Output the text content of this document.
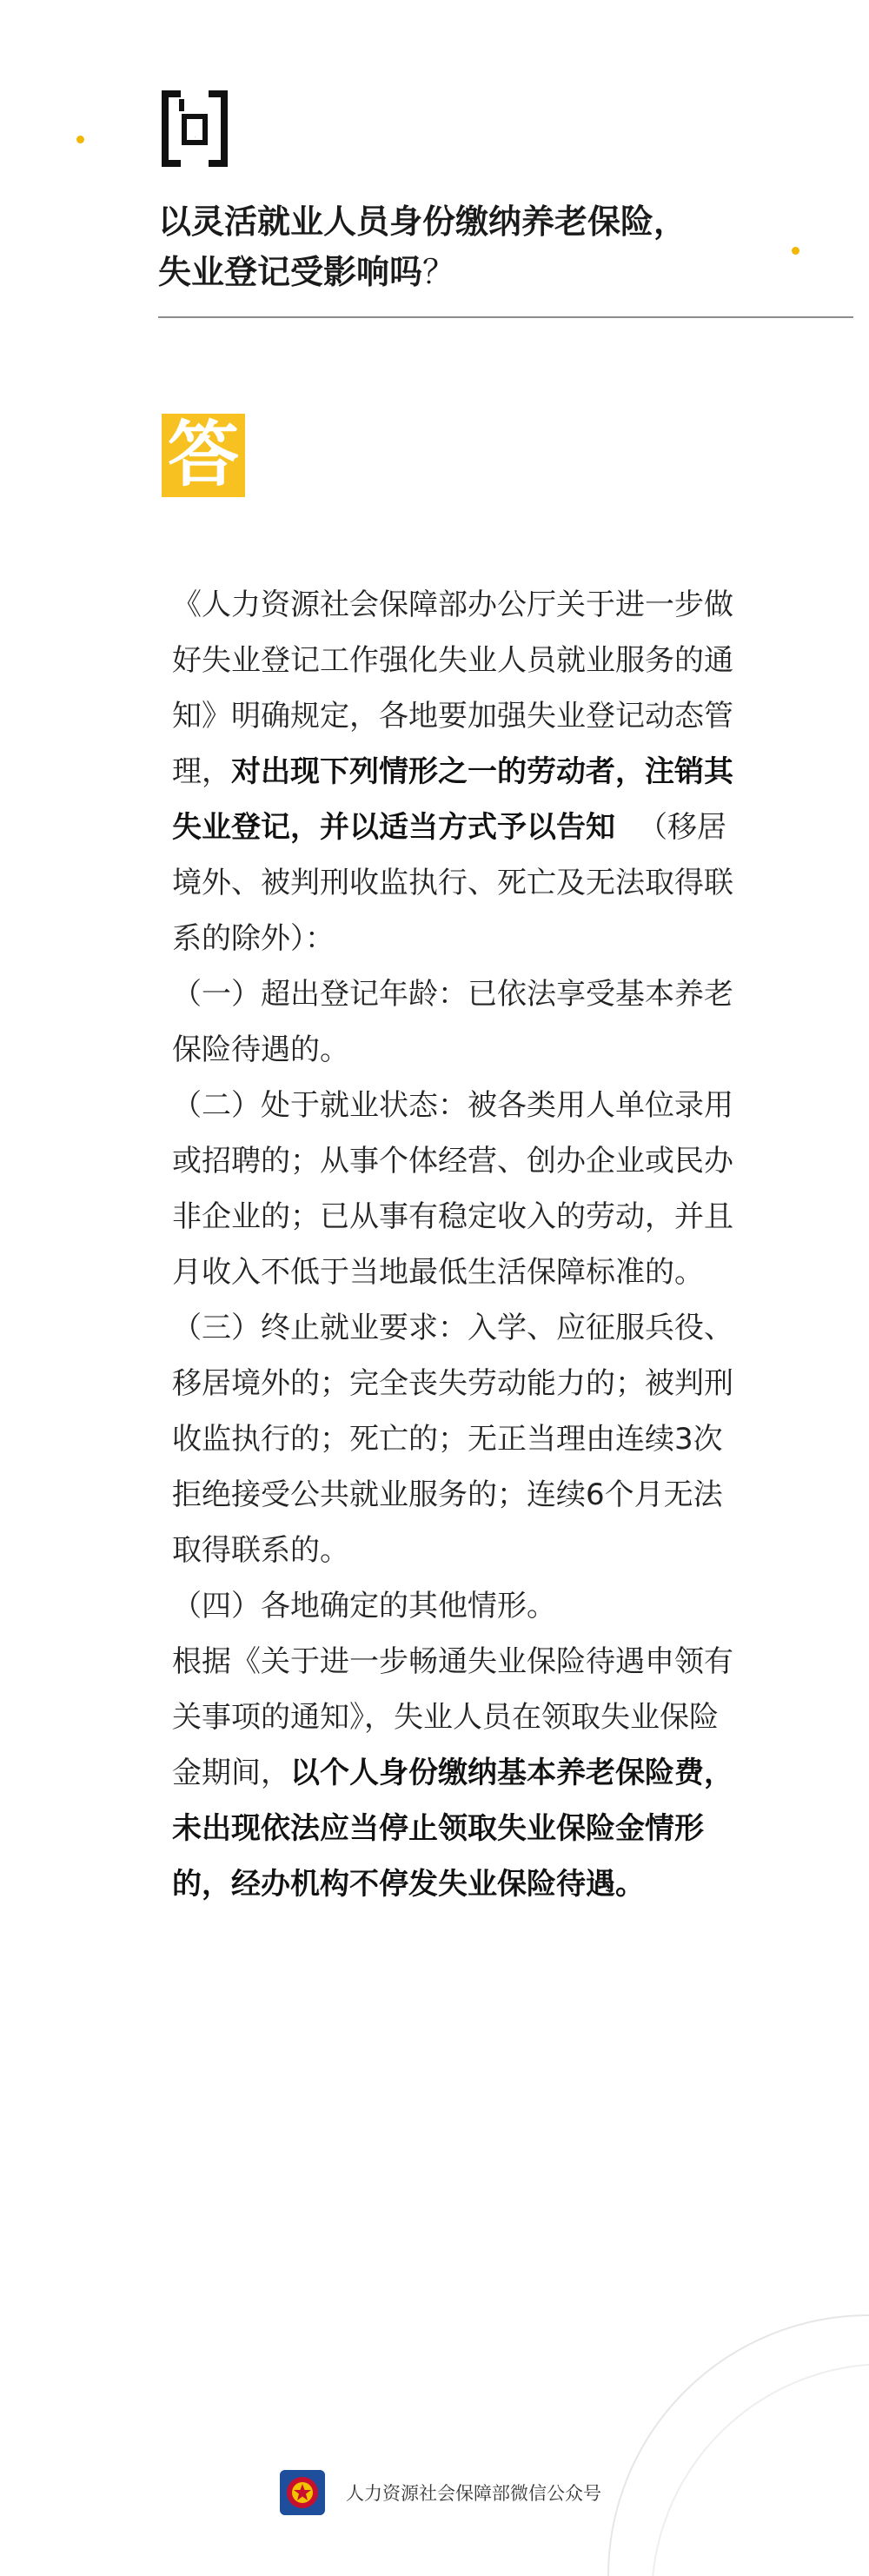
问
以灵活就业人员身份缴纳养老保险，
失业登记受影响吗？
答

《人力资源社会保障部办公厅关于进一步做好失业登记工作强化失业人员就业服务的通知》明确规定，各地要加强失业登记动态管理，对出现下列情形之一的劳动者，注销其失业登记，并以适当方式予以告知 （移居境外、被判刑收监执行、死亡及无法取得联系的除外）：

（一）超出登记年龄：已依法享受基本养老保险待遇的。

（二）处于就业状态：被各类用人单位录用或招聘的；从事个体经营、创办企业或民办非企业的；已从事有稳定收入的劳动，并且月收入不低于当地最低生活保障标准的。

（三）终止就业要求：入学、应征服兵役、移居境外的；完全丧失劳动能力的；被判刑收监执行的；死亡的；无正当理由连续3次拒绝接受公共就业服务的；连续6个月无法取得联系的。

（四）各地确定的其他情形。

根据《关于进一步畅通失业保险待遇申领有关事项的通知》，失业人员在领取失业保险金期间，以个人身份缴纳基本养老保险费，未出现依法应当停止领取失业保险金情形的，经办机构不停发失业保险待遇。

人力资源社会保障部微信公众号
